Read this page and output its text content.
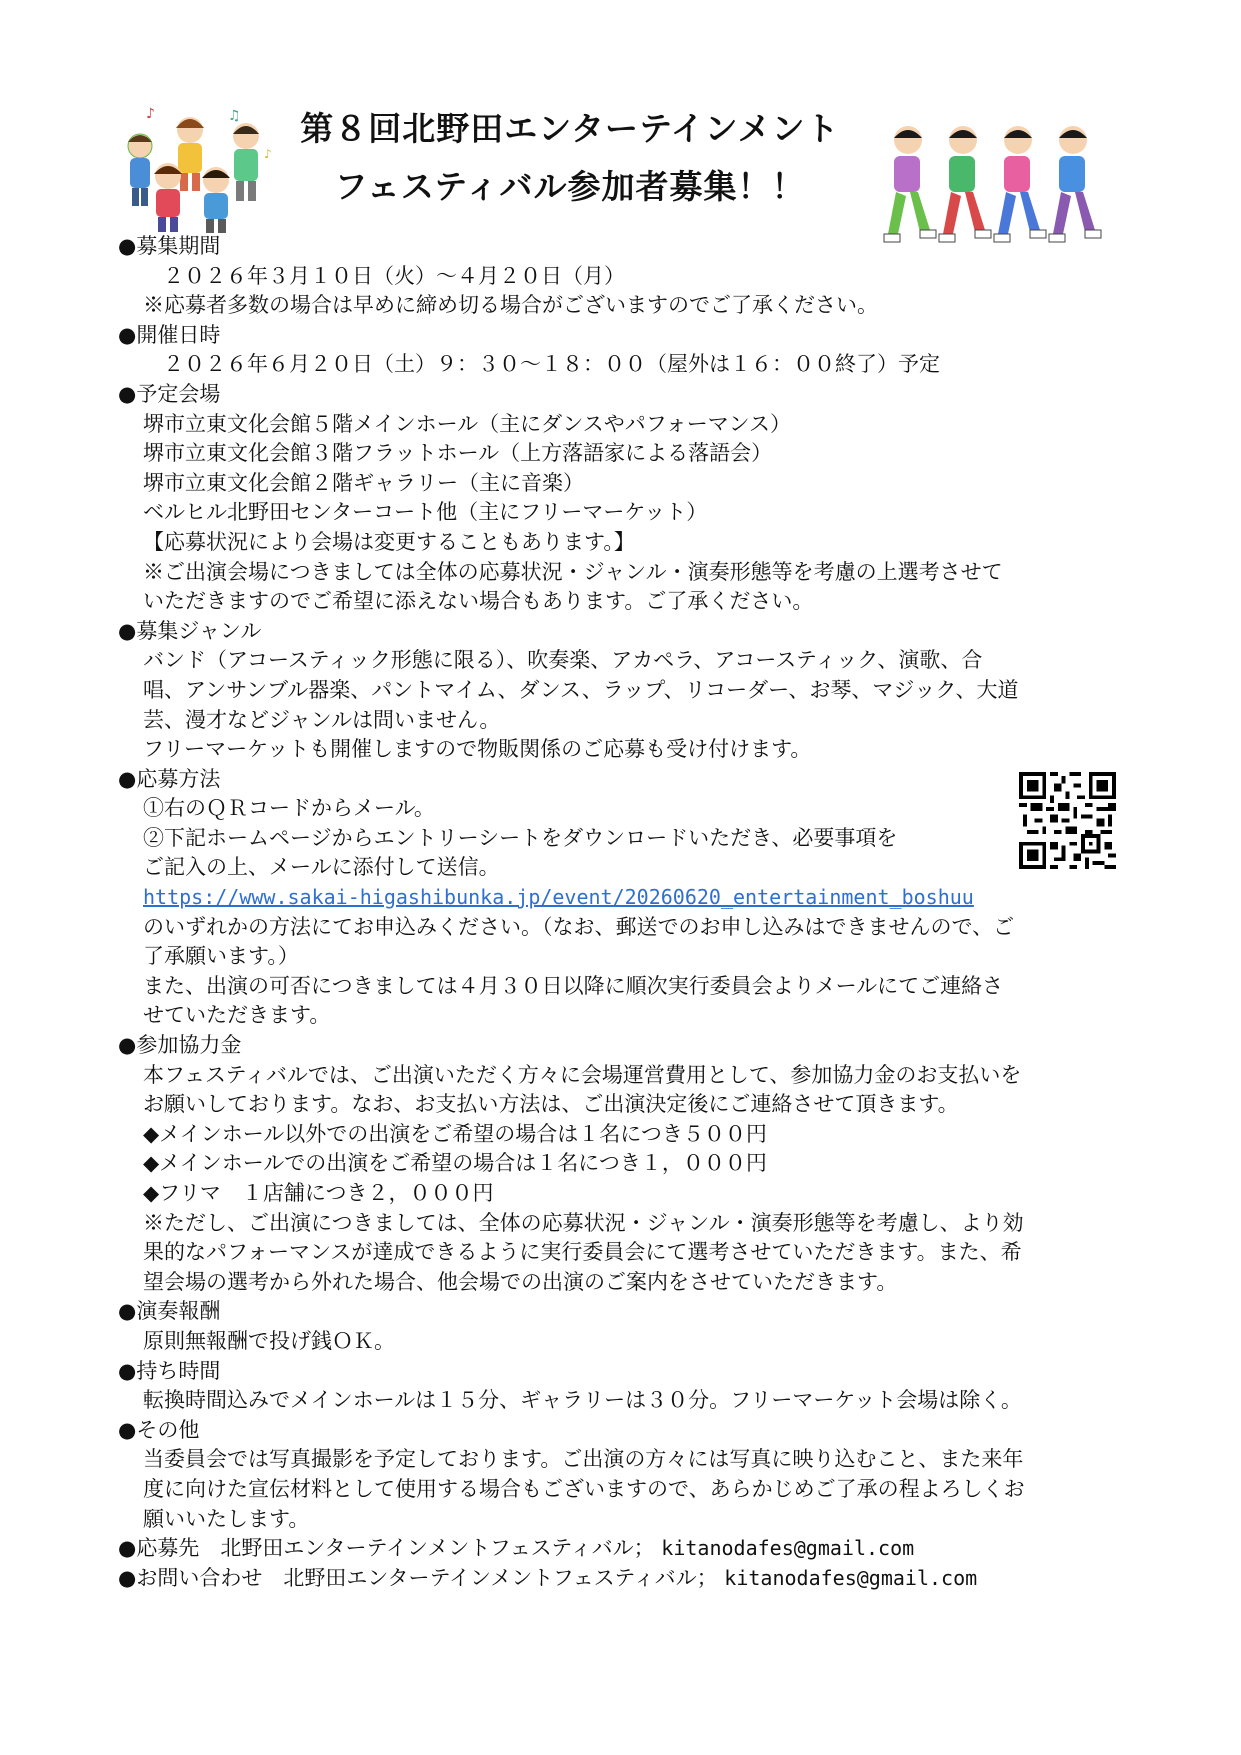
第８回北野田エンターテインメント
フェスティバル参加者募集！！
♪	♫
♪
●募集期間
２０２６年３月１０日（火）～４月２０日（月）
※応募者多数の場合は早めに締め切る場合がございますのでご了承ください。
●開催日時
２０２６年６月２０日（土）９：３０～１８：００（屋外は１６：００終了）予定
●予定会場
堺市立東文化会館５階メインホール（主にダンスやパフォーマンス）
堺市立東文化会館３階フラットホール（上方落語家による落語会）
堺市立東文化会館２階ギャラリー（主に音楽）
ベルヒル北野田センターコート他（主にフリーマーケット）
【応募状況により会場は変更することもあります。】
※ご出演会場につきましては全体の応募状況・ジャンル・演奏形態等を考慮の上選考させて
いただきますのでご希望に添えない場合もあります。ご了承ください。
●募集ジャンル
バンド（アコースティック形態に限る）、吹奏楽、アカペラ、アコースティック、演歌、合
唱、アンサンブル器楽、パントマイム、ダンス、ラップ、リコーダー、お琴、マジック、大道
芸、漫才などジャンルは問いません。
フリーマーケットも開催しますので物販関係のご応募も受け付けます。
●応募方法
①右のＱＲコードからメール。
②下記ホームページからエントリーシートをダウンロードいただき、必要事項を
ご記入の上、メールに添付して送信。
https://www.sakai-higashibunka.jp/event/20260620_entertainment_boshuu
のいずれかの方法にてお申込みください。（なお、郵送でのお申し込みはできませんので、ご
了承願います。）
また、出演の可否につきましては４月３０日以降に順次実行委員会よりメールにてご連絡さ
せていただきます。
●参加協力金
本フェスティバルでは、ご出演いただく方々に会場運営費用として、参加協力金のお支払いを
お願いしております。なお、お支払い方法は、ご出演決定後にご連絡させて頂きます。
◆メインホール以外での出演をご希望の場合は１名につき５００円
◆メインホールでの出演をご希望の場合は１名につき１，０００円
◆フリマ　１店舗につき２，０００円
※ただし、ご出演につきましては、全体の応募状況・ジャンル・演奏形態等を考慮し、より効
果的なパフォーマンスが達成できるように実行委員会にて選考させていただきます。また、希
望会場の選考から外れた場合、他会場での出演のご案内をさせていただきます。
●演奏報酬
原則無報酬で投げ銭ＯＫ。
●持ち時間
転換時間込みでメインホールは１５分、ギャラリーは３０分。フリーマーケット会場は除く。
●その他
当委員会では写真撮影を予定しております。ご出演の方々には写真に映り込むこと、また来年
度に向けた宣伝材料として使用する場合もございますので、あらかじめご了承の程よろしくお
願いいたします。
●応募先　北野田エンターテインメントフェスティバル； kitanodafes@gmail.com
●お問い合わせ　北野田エンターテインメントフェスティバル； kitanodafes@gmail.com
